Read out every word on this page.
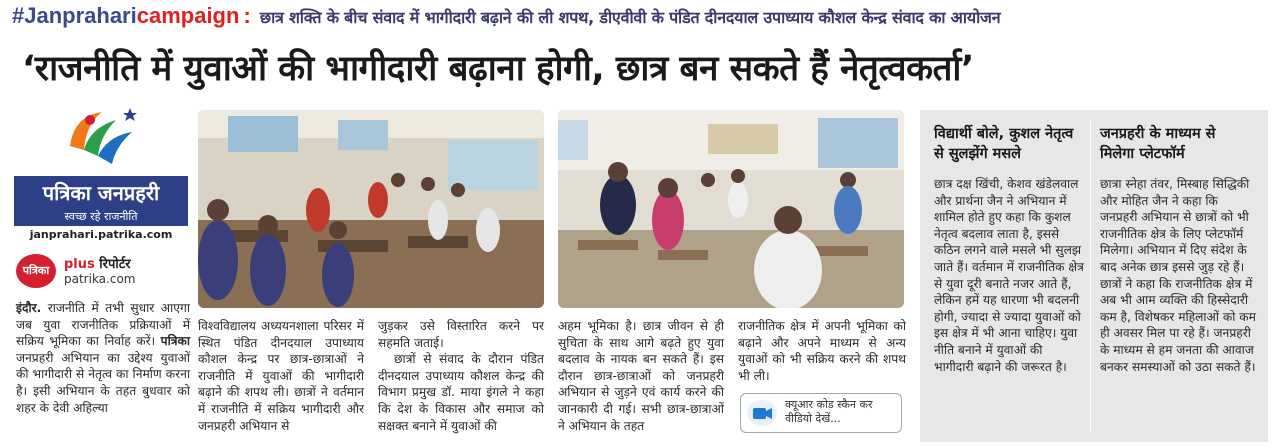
#Janpraharicampaign : छात्र शक्ति के बीच संवाद में भागीदारी बढ़ाने की ली शपथ, डीएवीवी के पंडित दीनदयाल उपाध्याय कौशल केन्द्र संवाद का आयोजन
‘राजनीति में युवाओं की भागीदारी बढ़ाना होगी, छात्र बन सकते हैं नेतृत्वकर्ता’
पत्रिका जनप्रहरी
स्वच्छ रहे राजनीति
janprahari.patrika.com
पत्रिका	plus रिपोर्टर
patrika.com

इंदौर. राजनीति में तभी सुधार आएगा जब युवा राजनीतिक प्रक्रियाओं में सक्रिय भूमिका का निर्वाह करें। पत्रिका जनप्रहरी अभियान का उद्देश्य युवाओं की भागीदारी से नेतृत्व का निर्माण करना है। इसी अभियान के तहत बुधवार को शहर के देवी अहिल्या

विश्वविद्यालय अध्ययनशाला परिसर में स्थित पंडित दीनदयाल उपाध्याय कौशल केन्द्र पर छात्र-छात्राओं ने राजनीति में युवाओं की भागीदारी बढ़ाने की शपथ ली। छात्रों ने वर्तमान में राजनीति में सक्रिय भागीदारी और जनप्रहरी अभियान से

जुड़कर उसे विस्तारित करने पर सहमति जताई।

छात्रों से संवाद के दौरान पंडित दीनदयाल उपाध्याय कौशल केन्द्र की विभाग प्रमुख डॉ. माया इंगले ने कहा कि देश के विकास और समाज को सक्षक्त बनाने में युवाओं की

अहम भूमिका है। छात्र जीवन से ही सुचिता के साथ आगे बढ़ते हुए युवा बदलाव के नायक बन सकते हैं। इस दौरान छात्र-छात्राओं को जनप्रहरी अभियान से जुड़ने एवं कार्य करने की जानकारी दी गई। सभी छात्र-छात्राओं ने अभियान के तहत

राजनीतिक क्षेत्र में अपनी भूमिका को बढ़ाने और अपने माध्यम से अन्य युवाओं को भी सक्रिय करने की शपथ भी ली।

क्यूआर कोड स्कैन कर
वीडियो देखें...
विद्यार्थी बोले, कुशल नेतृत्व से सुलझेंगे मसले

छात्र दक्ष खिंची, केशव खंडेलवाल और प्रार्थना जैन ने अभियान में शामिल होते हुए कहा कि कुशल नेतृत्व बदलाव लाता है, इससे कठिन लगने वाले मसले भी सुलझ जाते हैं। वर्तमान में राजनीतिक क्षेत्र से युवा दूरी बनाते नजर आते हैं, लेकिन हमें यह धारणा भी बदलनी होगी, ज्यादा से ज्यादा युवाओं को इस क्षेत्र में भी आना चाहिए। युवा नीति बनाने में युवाओं की भागीदारी बढ़ाने की जरूरत है।

जनप्रहरी के माध्यम से मिलेगा प्लेटफॉर्म

छात्रा स्नेहा तंवर, मिस्बाह सिद्धिकी और मोहित जैन ने कहा कि जनप्रहरी अभियान से छात्रों को भी राजनीतिक क्षेत्र के लिए प्लेटफॉर्म मिलेगा। अभियान में दिए संदेश के बाद अनेक छात्र इससे जुड़ रहे हैं। छात्रों ने कहा कि राजनीतिक क्षेत्र में अब भी आम व्यक्ति की हिस्सेदारी कम है, विशेषकर महिलाओं को कम ही अवसर मिल पा रहे हैं। जनप्रहरी के माध्यम से हम जनता की आवाज बनकर समस्याओं को उठा सकते हैं।
